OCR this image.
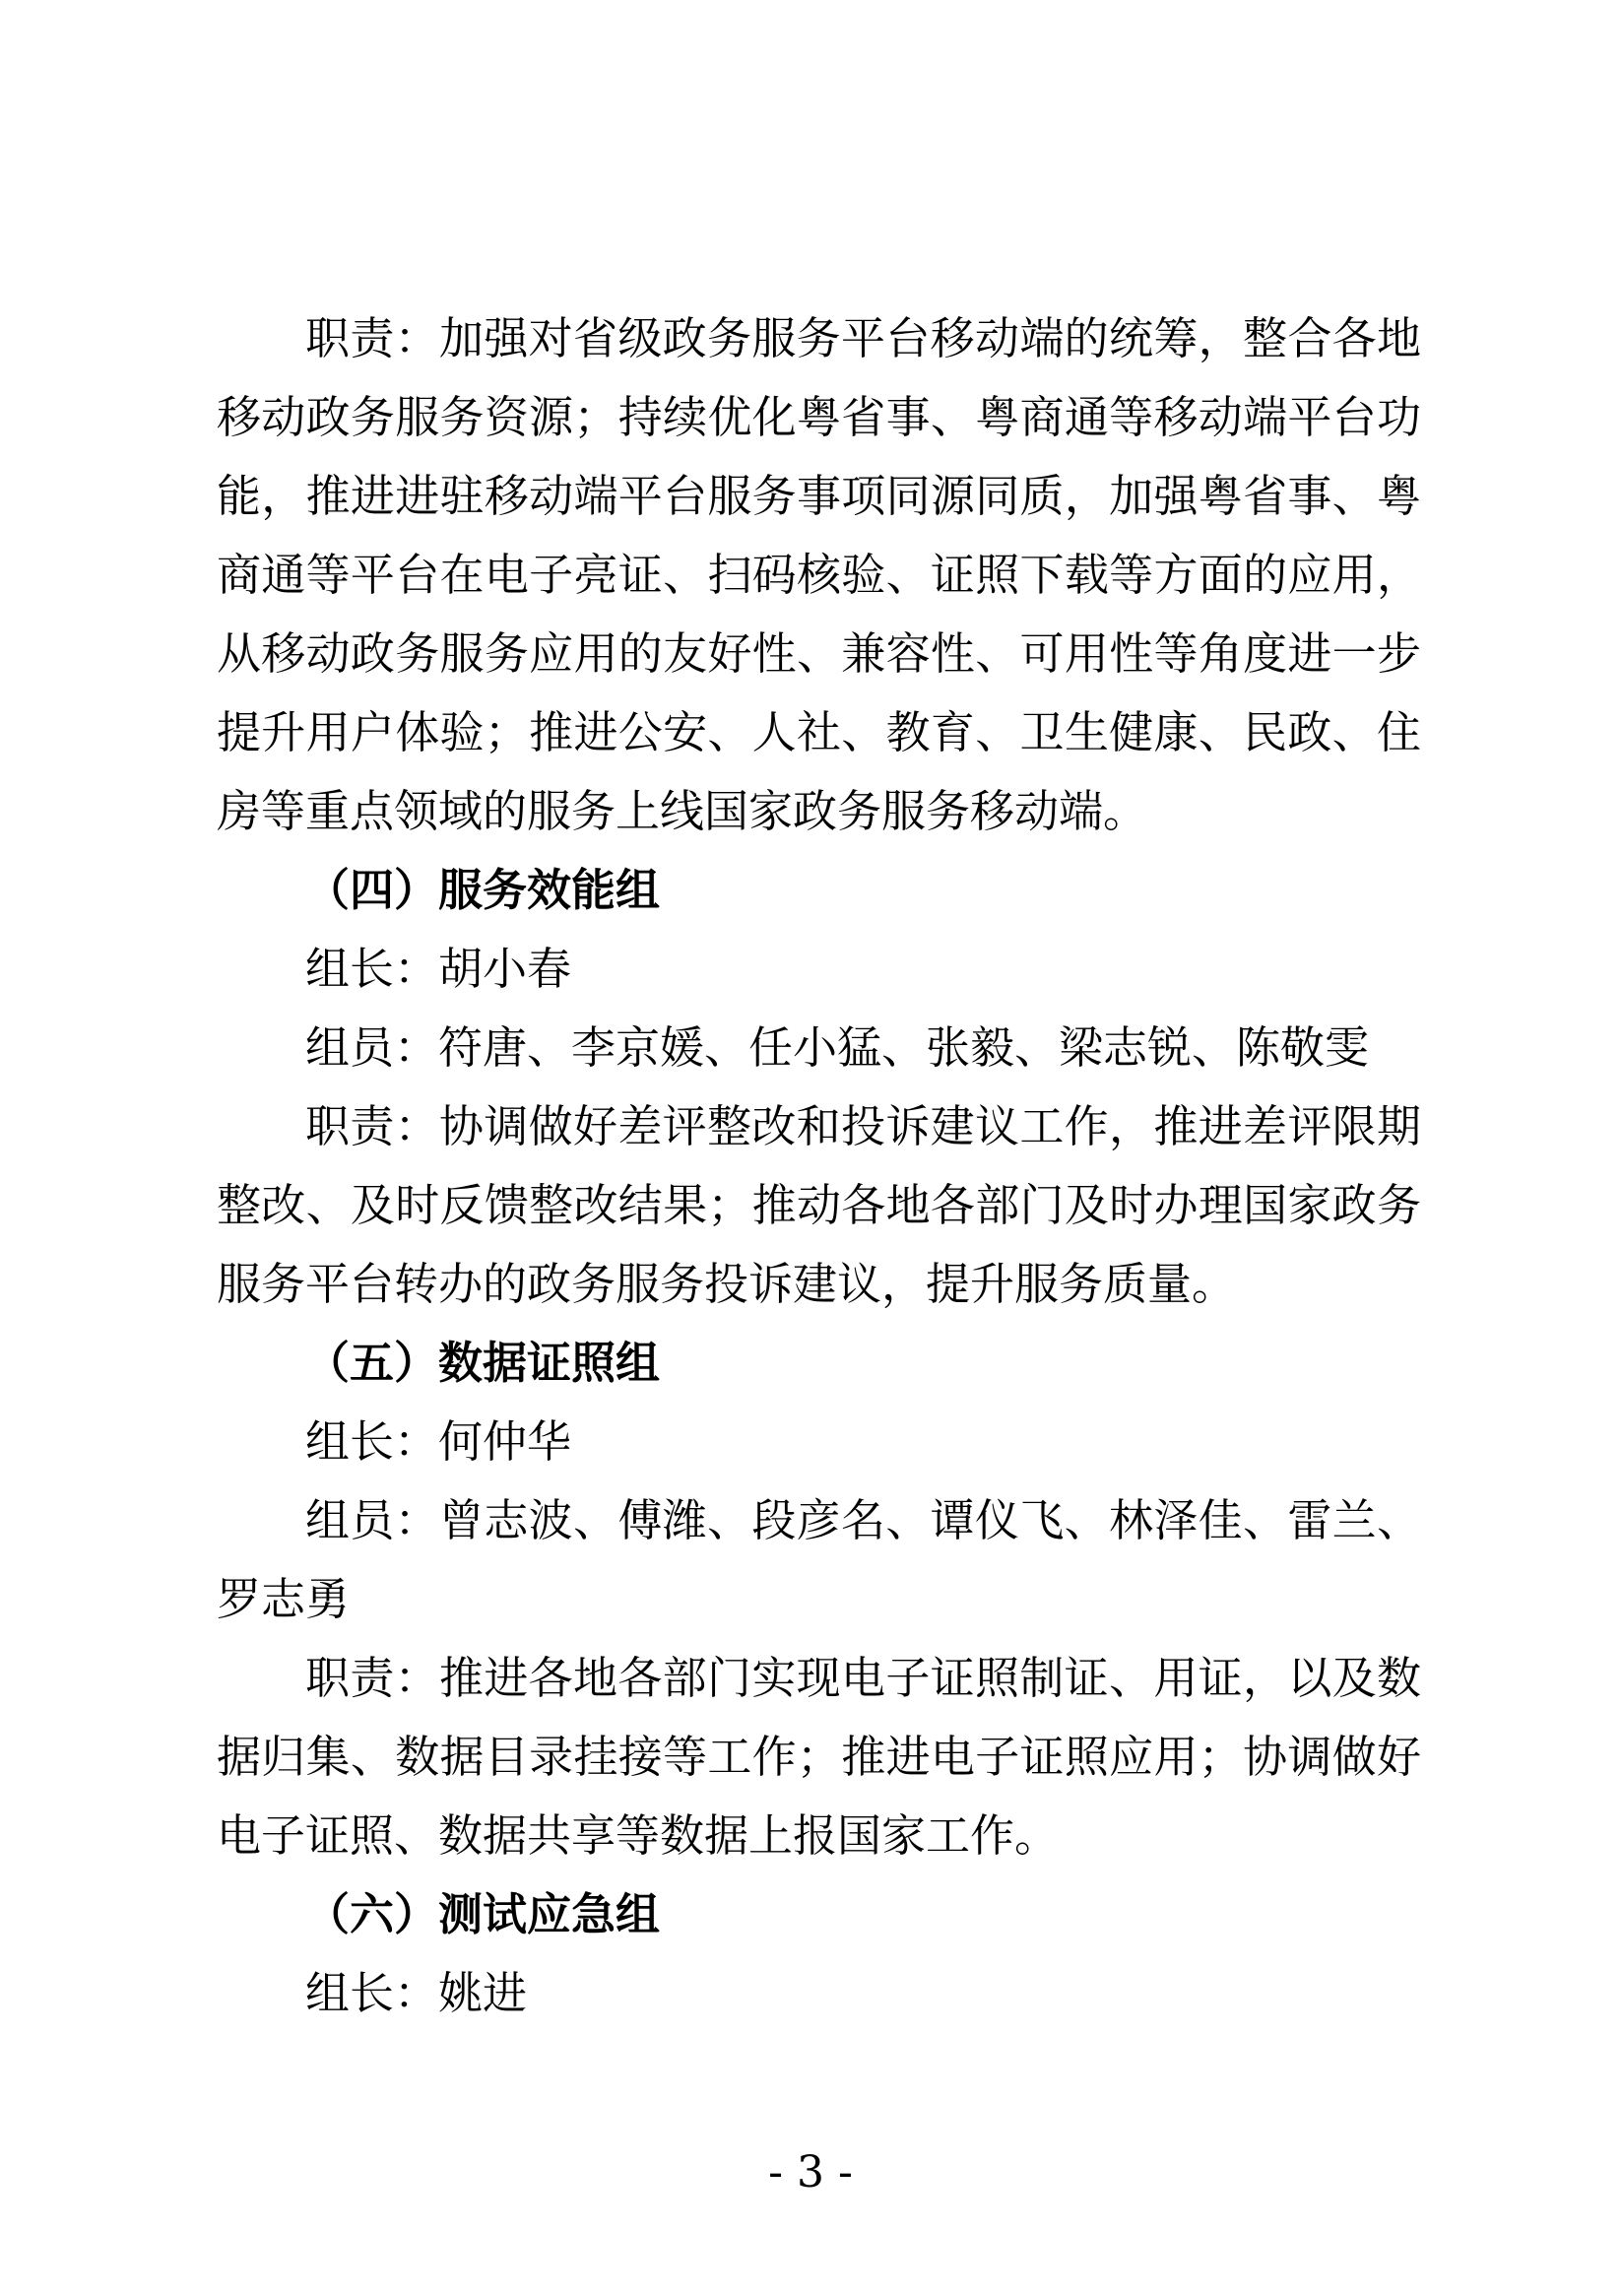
职责：加强对省级政务服务平台移动端的统筹，整合各地
移动政务服务资源；持续优化粤省事、粤商通等移动端平台功
能，推进进驻移动端平台服务事项同源同质，加强粤省事、粤
商通等平台在电子亮证、扫码核验、证照下载等方面的应用，
从移动政务服务应用的友好性、兼容性、可用性等角度进一步
提升用户体验；推进公安、人社、教育、卫生健康、民政、住
房等重点领域的服务上线国家政务服务移动端。
（四）服务效能组
组长：胡小春
组员：符唐、李京媛、任小猛、张毅、梁志锐、陈敬雯
职责：协调做好差评整改和投诉建议工作，推进差评限期
整改、及时反馈整改结果；推动各地各部门及时办理国家政务
服务平台转办的政务服务投诉建议，提升服务质量。
（五）数据证照组
组长：何仲华
组员：曾志波、傅潍、段彦名、谭仪飞、林泽佳、雷兰、
罗志勇
职责：推进各地各部门实现电子证照制证、用证，以及数
据归集、数据目录挂接等工作；推进电子证照应用；协调做好
电子证照、数据共享等数据上报国家工作。
（六）测试应急组
组长：姚进
- 3 -
